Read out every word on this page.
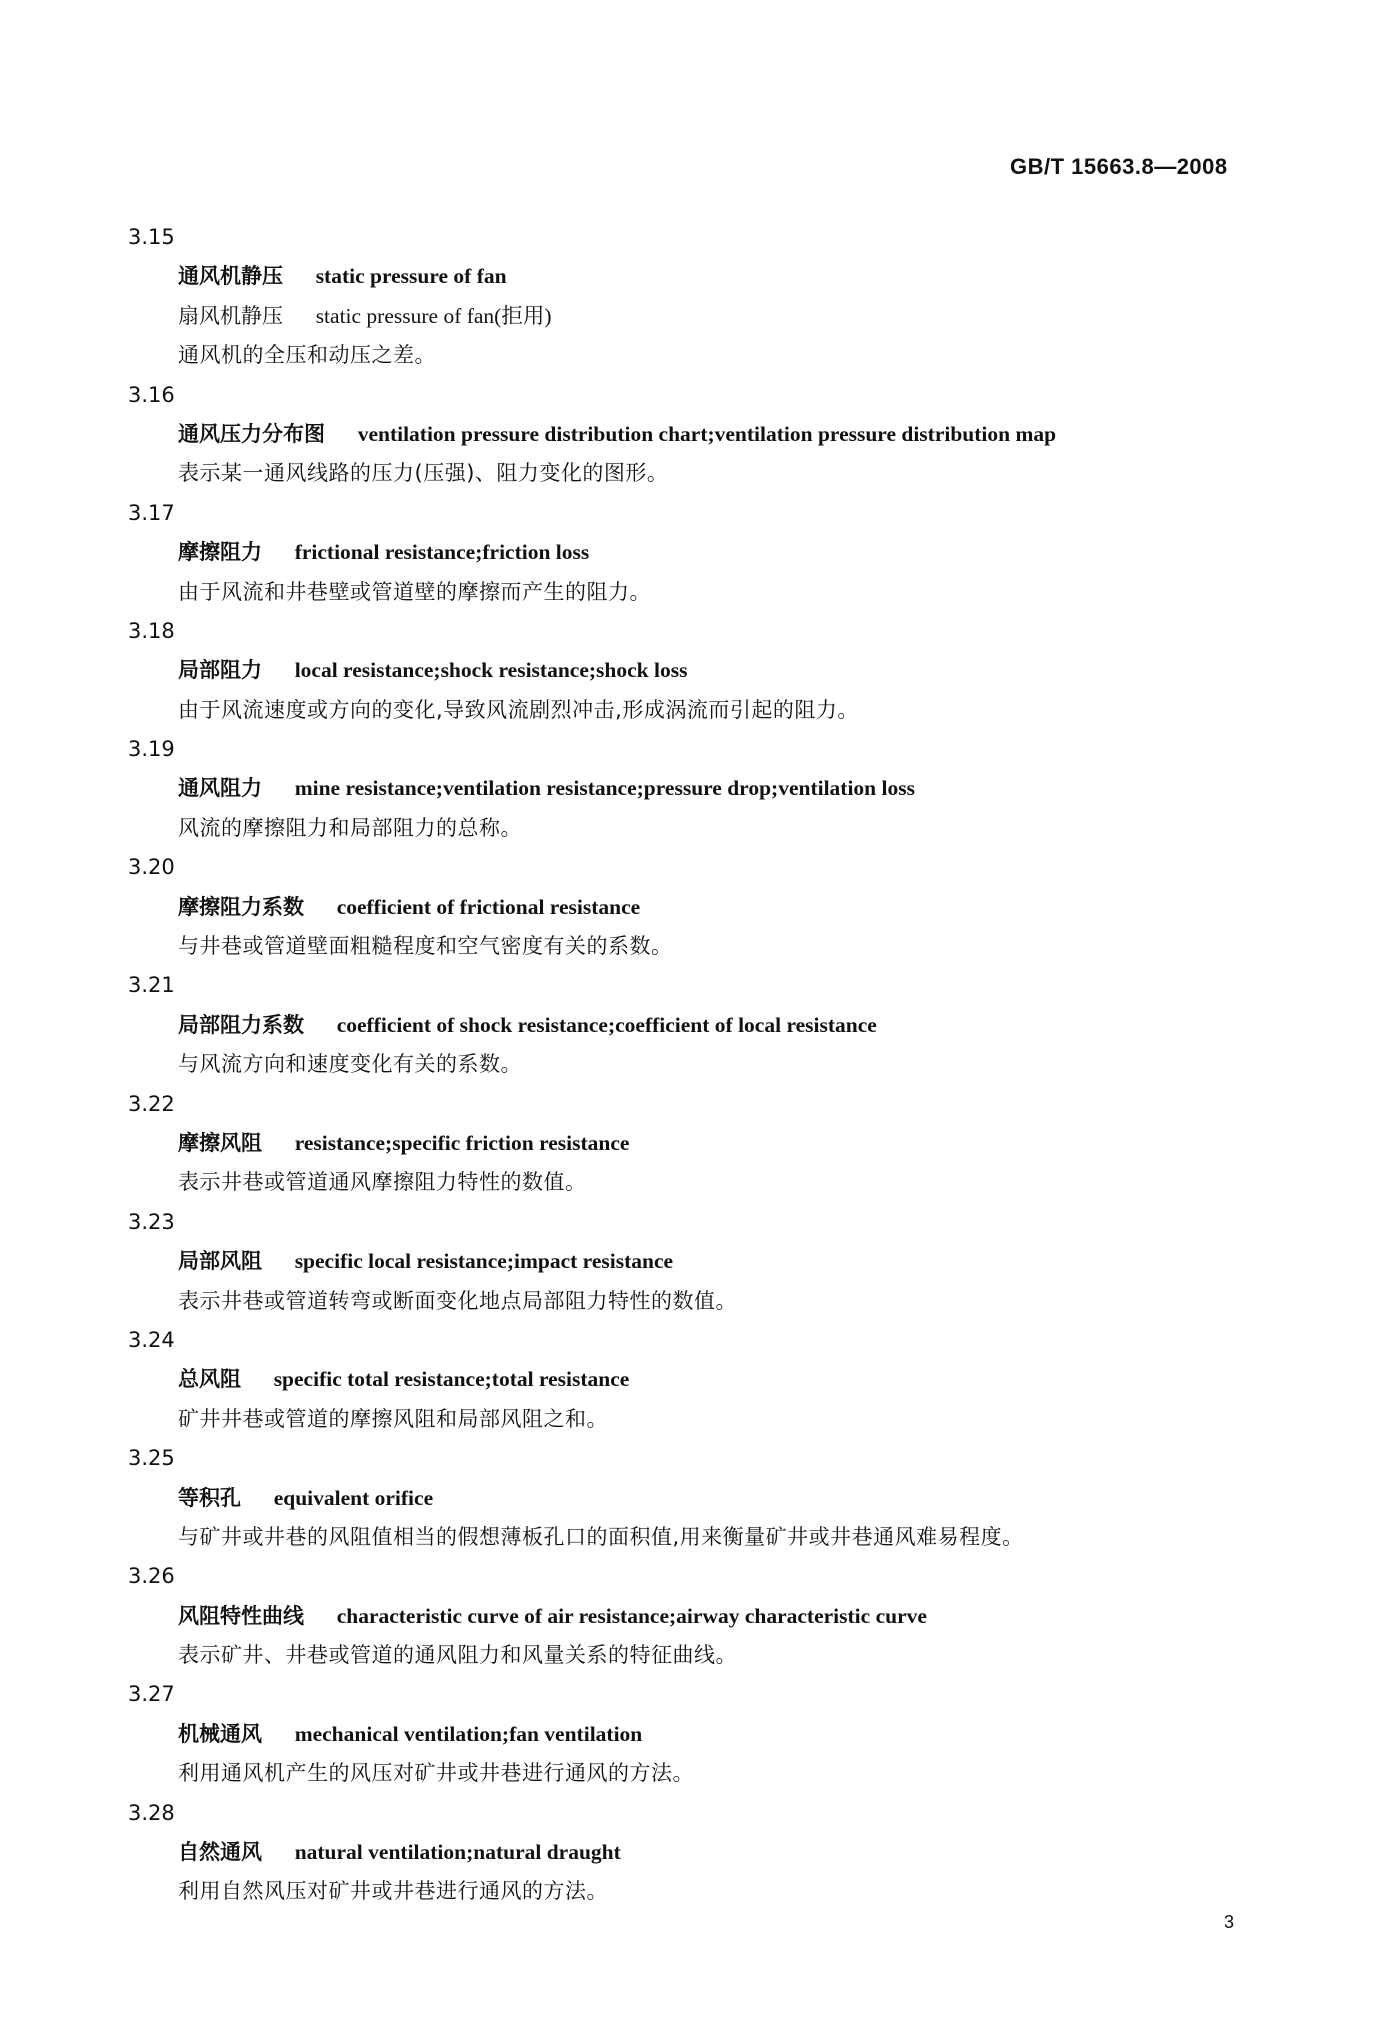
GB/T 15663.8—2008
3.15
通风机静压 static pressure of fan
扇风机静压 static pressure of fan(拒用)
通风机的全压和动压之差。
3.16
通风压力分布图 ventilation pressure distribution chart;ventilation pressure distribution map
表示某一通风线路的压力(压强)、阻力变化的图形。
3.17
摩擦阻力 frictional resistance;friction loss
由于风流和井巷壁或管道壁的摩擦而产生的阻力。
3.18
局部阻力 local resistance;shock resistance;shock loss
由于风流速度或方向的变化,导致风流剧烈冲击,形成涡流而引起的阻力。
3.19
通风阻力 mine resistance;ventilation resistance;pressure drop;ventilation loss
风流的摩擦阻力和局部阻力的总称。
3.20
摩擦阻力系数 coefficient of frictional resistance
与井巷或管道壁面粗糙程度和空气密度有关的系数。
3.21
局部阻力系数 coefficient of shock resistance;coefficient of local resistance
与风流方向和速度变化有关的系数。
3.22
摩擦风阻 resistance;specific friction resistance
表示井巷或管道通风摩擦阻力特性的数值。
3.23
局部风阻 specific local resistance;impact resistance
表示井巷或管道转弯或断面变化地点局部阻力特性的数值。
3.24
总风阻 specific total resistance;total resistance
矿井井巷或管道的摩擦风阻和局部风阻之和。
3.25
等积孔 equivalent orifice
与矿井或井巷的风阻值相当的假想薄板孔口的面积值,用来衡量矿井或井巷通风难易程度。
3.26
风阻特性曲线 characteristic curve of air resistance;airway characteristic curve
表示矿井、井巷或管道的通风阻力和风量关系的特征曲线。
3.27
机械通风 mechanical ventilation;fan ventilation
利用通风机产生的风压对矿井或井巷进行通风的方法。
3.28
自然通风 natural ventilation;natural draught
利用自然风压对矿井或井巷进行通风的方法。
3
